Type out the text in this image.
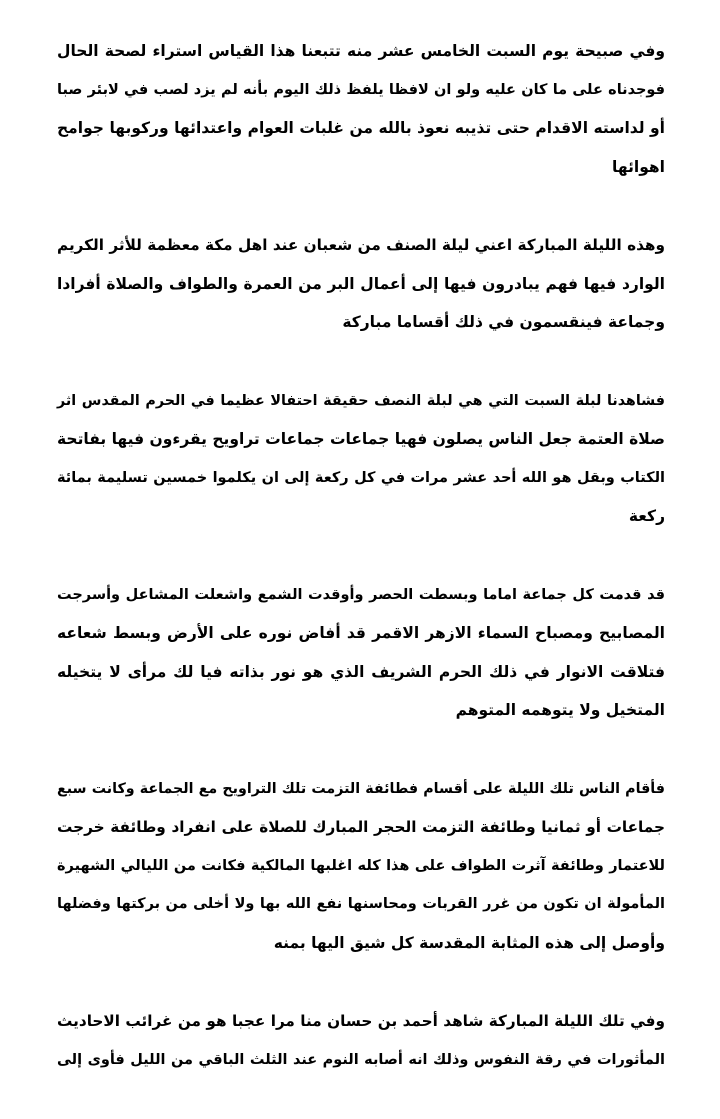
وفي صبيحة يوم السبت الخامس عشر منه تتبعنا هذا القياس استراء لصحة الحال
فوجدناه على ما كان عليه ولو ان لافظا يلفظ ذلك اليوم بأنه لم يزد لصب في لابئر صبا
أو لداسته الاقدام حتى تذيبه نعوذ بالله من غلبات العوام واعتدائها وركوبها جوامح
اهوائها

وهذه الليلة المباركة اعني ليلة الصنف من شعبان عند اهل مكة معظمة للأثر الكريم
الوارد فيها فهم يبادرون فيها إلى أعمال البر من العمرة والطواف والصلاة أفرادا
وجماعة فينقسمون في ذلك أقساما مباركة

فشاهدنا لبلة السبت التي هي لبلة النصف حقيقة احتفالا عظيما في الحرم المقدس اثر
صلاة العتمة جعل الناس يصلون فهيا جماعات جماعات تراويح يقرءون فيها بفاتحة
الكتاب وبقل هو الله أحد عشر مرات في كل ركعة إلى ان يكلموا خمسين تسليمة بمائة
ركعة

قد قدمت كل جماعة اماما وبسطت الحصر وأوقدت الشمع واشعلت المشاعل وأسرجت
المصابيح ومصباح السماء الازهر الاقمر قد أفاض نوره على الأرض وبسط شعاعه
فتلاقت الانوار في ذلك الحرم الشريف الذي هو نور بذاته فيا لك مرأى لا يتخيله
المتخيل ولا يتوهمه المتوهم

فأقام الناس تلك الليلة على أقسام فطائفة التزمت تلك التراويح مع الجماعة وكانت سبع
جماعات أو ثمانيا وطائفة التزمت الحجر المبارك للصلاة على انفراد وطائفة خرجت
للاعتمار وطائفة آثرت الطواف على هذا كله اغلبها المالكية فكانت من الليالي الشهيرة
المأمولة ان تكون من غرر القربات ومحاسنها نفع الله بها ولا أخلى من بركتها وفضلها
وأوصل إلى هذه المثابة المقدسة كل شيق اليها بمنه

وفي تلك الليلة المباركة شاهد أحمد بن حسان منا مرا عجبا هو من غرائب الاحاديث
المأثورات في رقة النفوس وذلك انه أصابه النوم عند الثلث الباقي من الليل فأوى إلى
